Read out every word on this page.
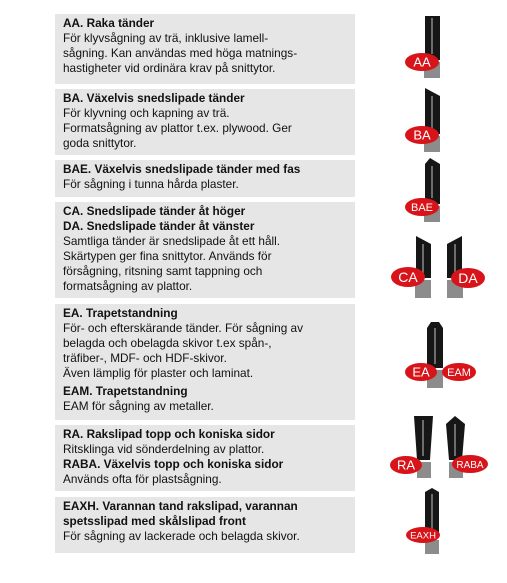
AA. Raka tänder
För klyvsågning av trä, inklusive lamell-
sågning. Kan användas med höga matnings-
hastigheter vid ordinära krav på snittytor.
BA. Växelvis snedslipade tänder
För klyvning och kapning av trä.
Formatsågning av plattor t.ex. plywood. Ger
goda snittytor.
BAE. Växelvis snedslipade tänder med fas
För sågning i tunna hårda plaster.
CA. Snedslipade tänder åt höger
DA. Snedslipade tänder åt vänster
Samtliga tänder är snedslipade åt ett håll.
Skärtypen ger fina snittytor. Används för
försågning, ritsning samt tappning och
formatsågning av plattor.
EA. Trapetstandning
För- och efterskärande tänder. För sågning av
belagda och obelagda skivor t.ex spån-,
träfiber-, MDF- och HDF-skivor.
Även lämplig för plaster och laminat.
EAM. Trapetstandning
EAM för sågning av metaller.
RA. Rakslipad topp och koniska sidor
Ritsklinga vid sönderdelning av plattor.
RABA. Växelvis topp och koniska sidor
Används ofta för plastsågning.
EAXH. Varannan tand rakslipad, varannan
spetsslipad med skålslipad front
För sågning av lackerade och belagda skivor.
AA
BA
BAE
CA	DA
EA EAM
RA	RABA
EAXH
